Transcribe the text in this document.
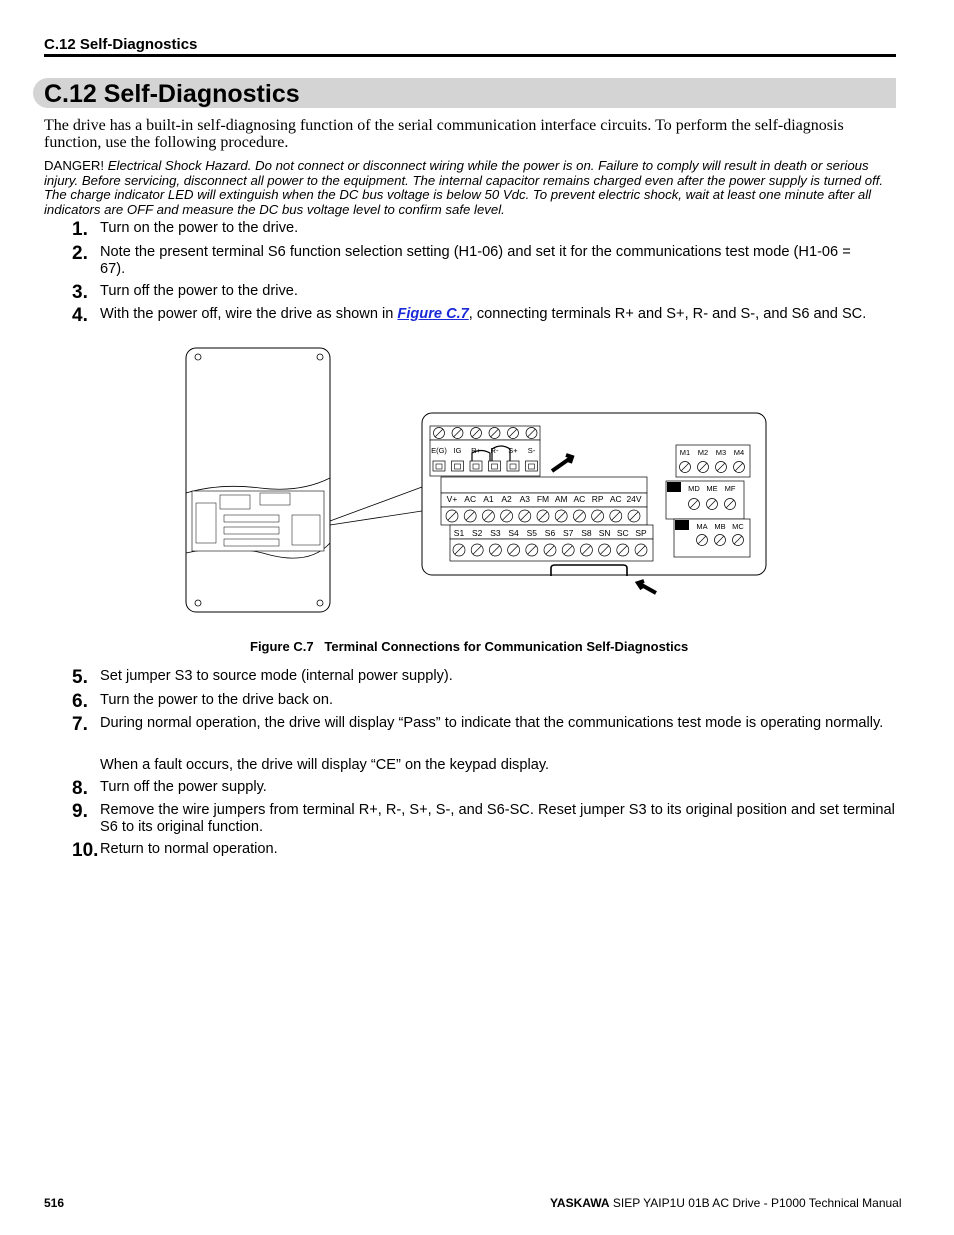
C.12 Self-Diagnostics
C.12 Self-Diagnostics
The drive has a built-in self-diagnosing function of the serial communication interface circuits. To perform the self-diagnosis function, use the following procedure.
DANGER! Electrical Shock Hazard. Do not connect or disconnect wiring while the power is on. Failure to comply will result in death or serious injury. Before servicing, disconnect all power to the equipment. The internal capacitor remains charged even after the power supply is turned off. The charge indicator LED will extinguish when the DC bus voltage is below 50 Vdc. To prevent electric shock, wait at least one minute after all indicators are OFF and measure the DC bus voltage level to confirm safe level.
1. Turn on the power to the drive.
2. Note the present terminal S6 function selection setting (H1-06) and set it for the communications test mode (H1-06 = 67).
3. Turn off the power to the drive.
4. With the power off, wire the drive as shown in Figure C.7, connecting terminals R+ and S+, R- and S-, and S6 and SC.
E(G) IG R+ R- S+ S-
V+ AC A1 A2 A3 FM AM AC RP AC 24V
S1 S2 S3 S4 S5 S6 S7 S8 SN SC SP
M1 M2 M3 M4
MD ME MF
MA MB MC
Figure C.7   Terminal Connections for Communication Self-Diagnostics
5. Set jumper S3 to source mode (internal power supply).
6. Turn the power to the drive back on.
7. During normal operation, the drive will display “Pass” to indicate that the communications test mode is operating normally.
When a fault occurs, the drive will display “CE” on the keypad display.
8. Turn off the power supply.
9. Remove the wire jumpers from terminal R+, R-, S+, S-, and S6-SC. Reset jumper S3 to its original position and set terminal S6 to its original function.
10. Return to normal operation.
516	YASKAWA SIEP YAIP1U 01B AC Drive - P1000 Technical Manual
